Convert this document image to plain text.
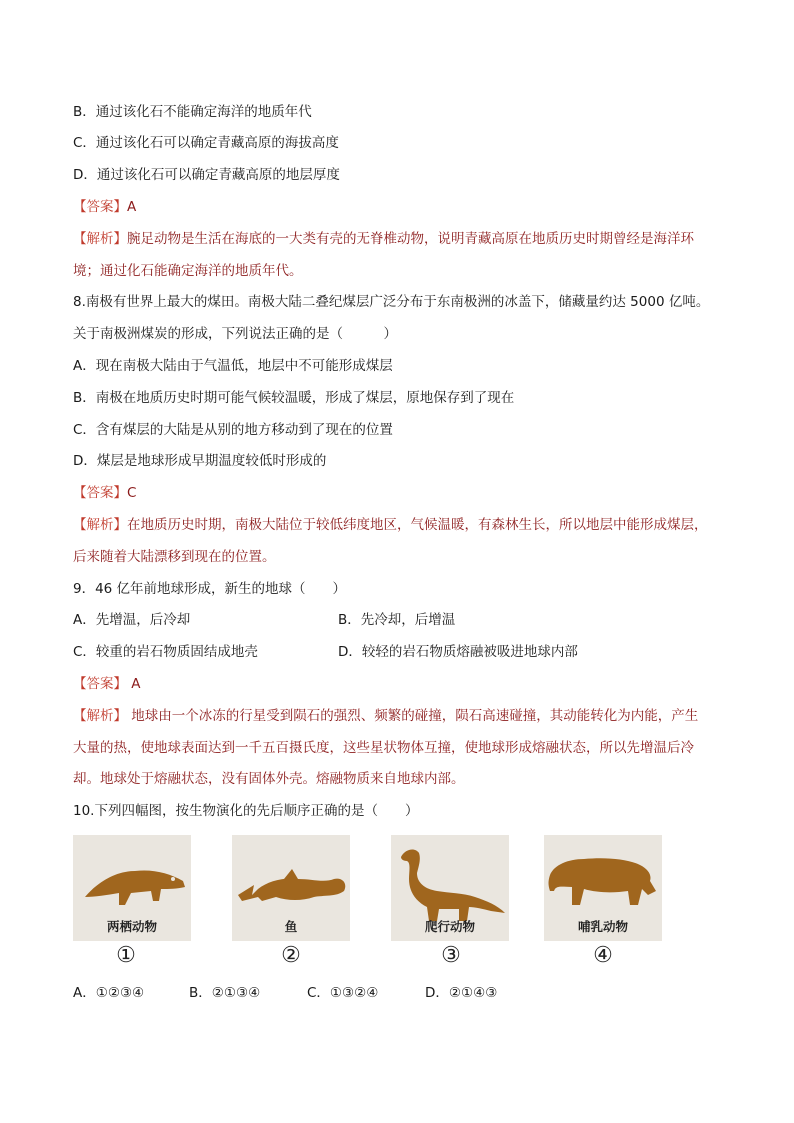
B．通过该化石不能确定海洋的地质年代
C．通过该化石可以确定青藏高原的海拔高度
D．通过该化石可以确定青藏高原的地层厚度
【答案】A
【解析】腕足动物是生活在海底的一大类有壳的无脊椎动物，说明青藏高原在地质历史时期曾经是海洋环
境；通过化石能确定海洋的地质年代。
8.南极有世界上最大的煤田。南极大陆二叠纪煤层广泛分布于东南极洲的冰盖下，储藏量约达 5000 亿吨。
关于南极洲煤炭的形成，下列说法正确的是（　　　）
A．现在南极大陆由于气温低，地层中不可能形成煤层
B．南极在地质历史时期可能气候较温暖，形成了煤层，原地保存到了现在
C．含有煤层的大陆是从别的地方移动到了现在的位置
D．煤层是地球形成早期温度较低时形成的
【答案】C
【解析】在地质历史时期，南极大陆位于较低纬度地区，气候温暖，有森林生长，所以地层中能形成煤层，
后来随着大陆漂移到现在的位置。
9．46 亿年前地球形成，新生的地球（　　）
A．先增温，后冷却	B．先冷却，后增温
C．较重的岩石物质固结成地壳	D．较轻的岩石物质熔融被吸进地球内部
【答案】 A
【解析】 地球由一个冰冻的行星受到陨石的强烈、频繁的碰撞，陨石高速碰撞，其动能转化为内能，产生
大量的热，使地球表面达到一千五百摄氏度，这些星状物体互撞，使地球形成熔融状态，所以先增温后冷
却。地球处于熔融状态，没有固体外壳。熔融物质来自地球内部。
10.下列四幅图，按生物演化的先后顺序正确的是（　　）
两栖动物	鱼	爬行动物	哺乳动物
①	②	③	④
A．①②③④	B．②①③④	C．①③②④	D．②①④③
